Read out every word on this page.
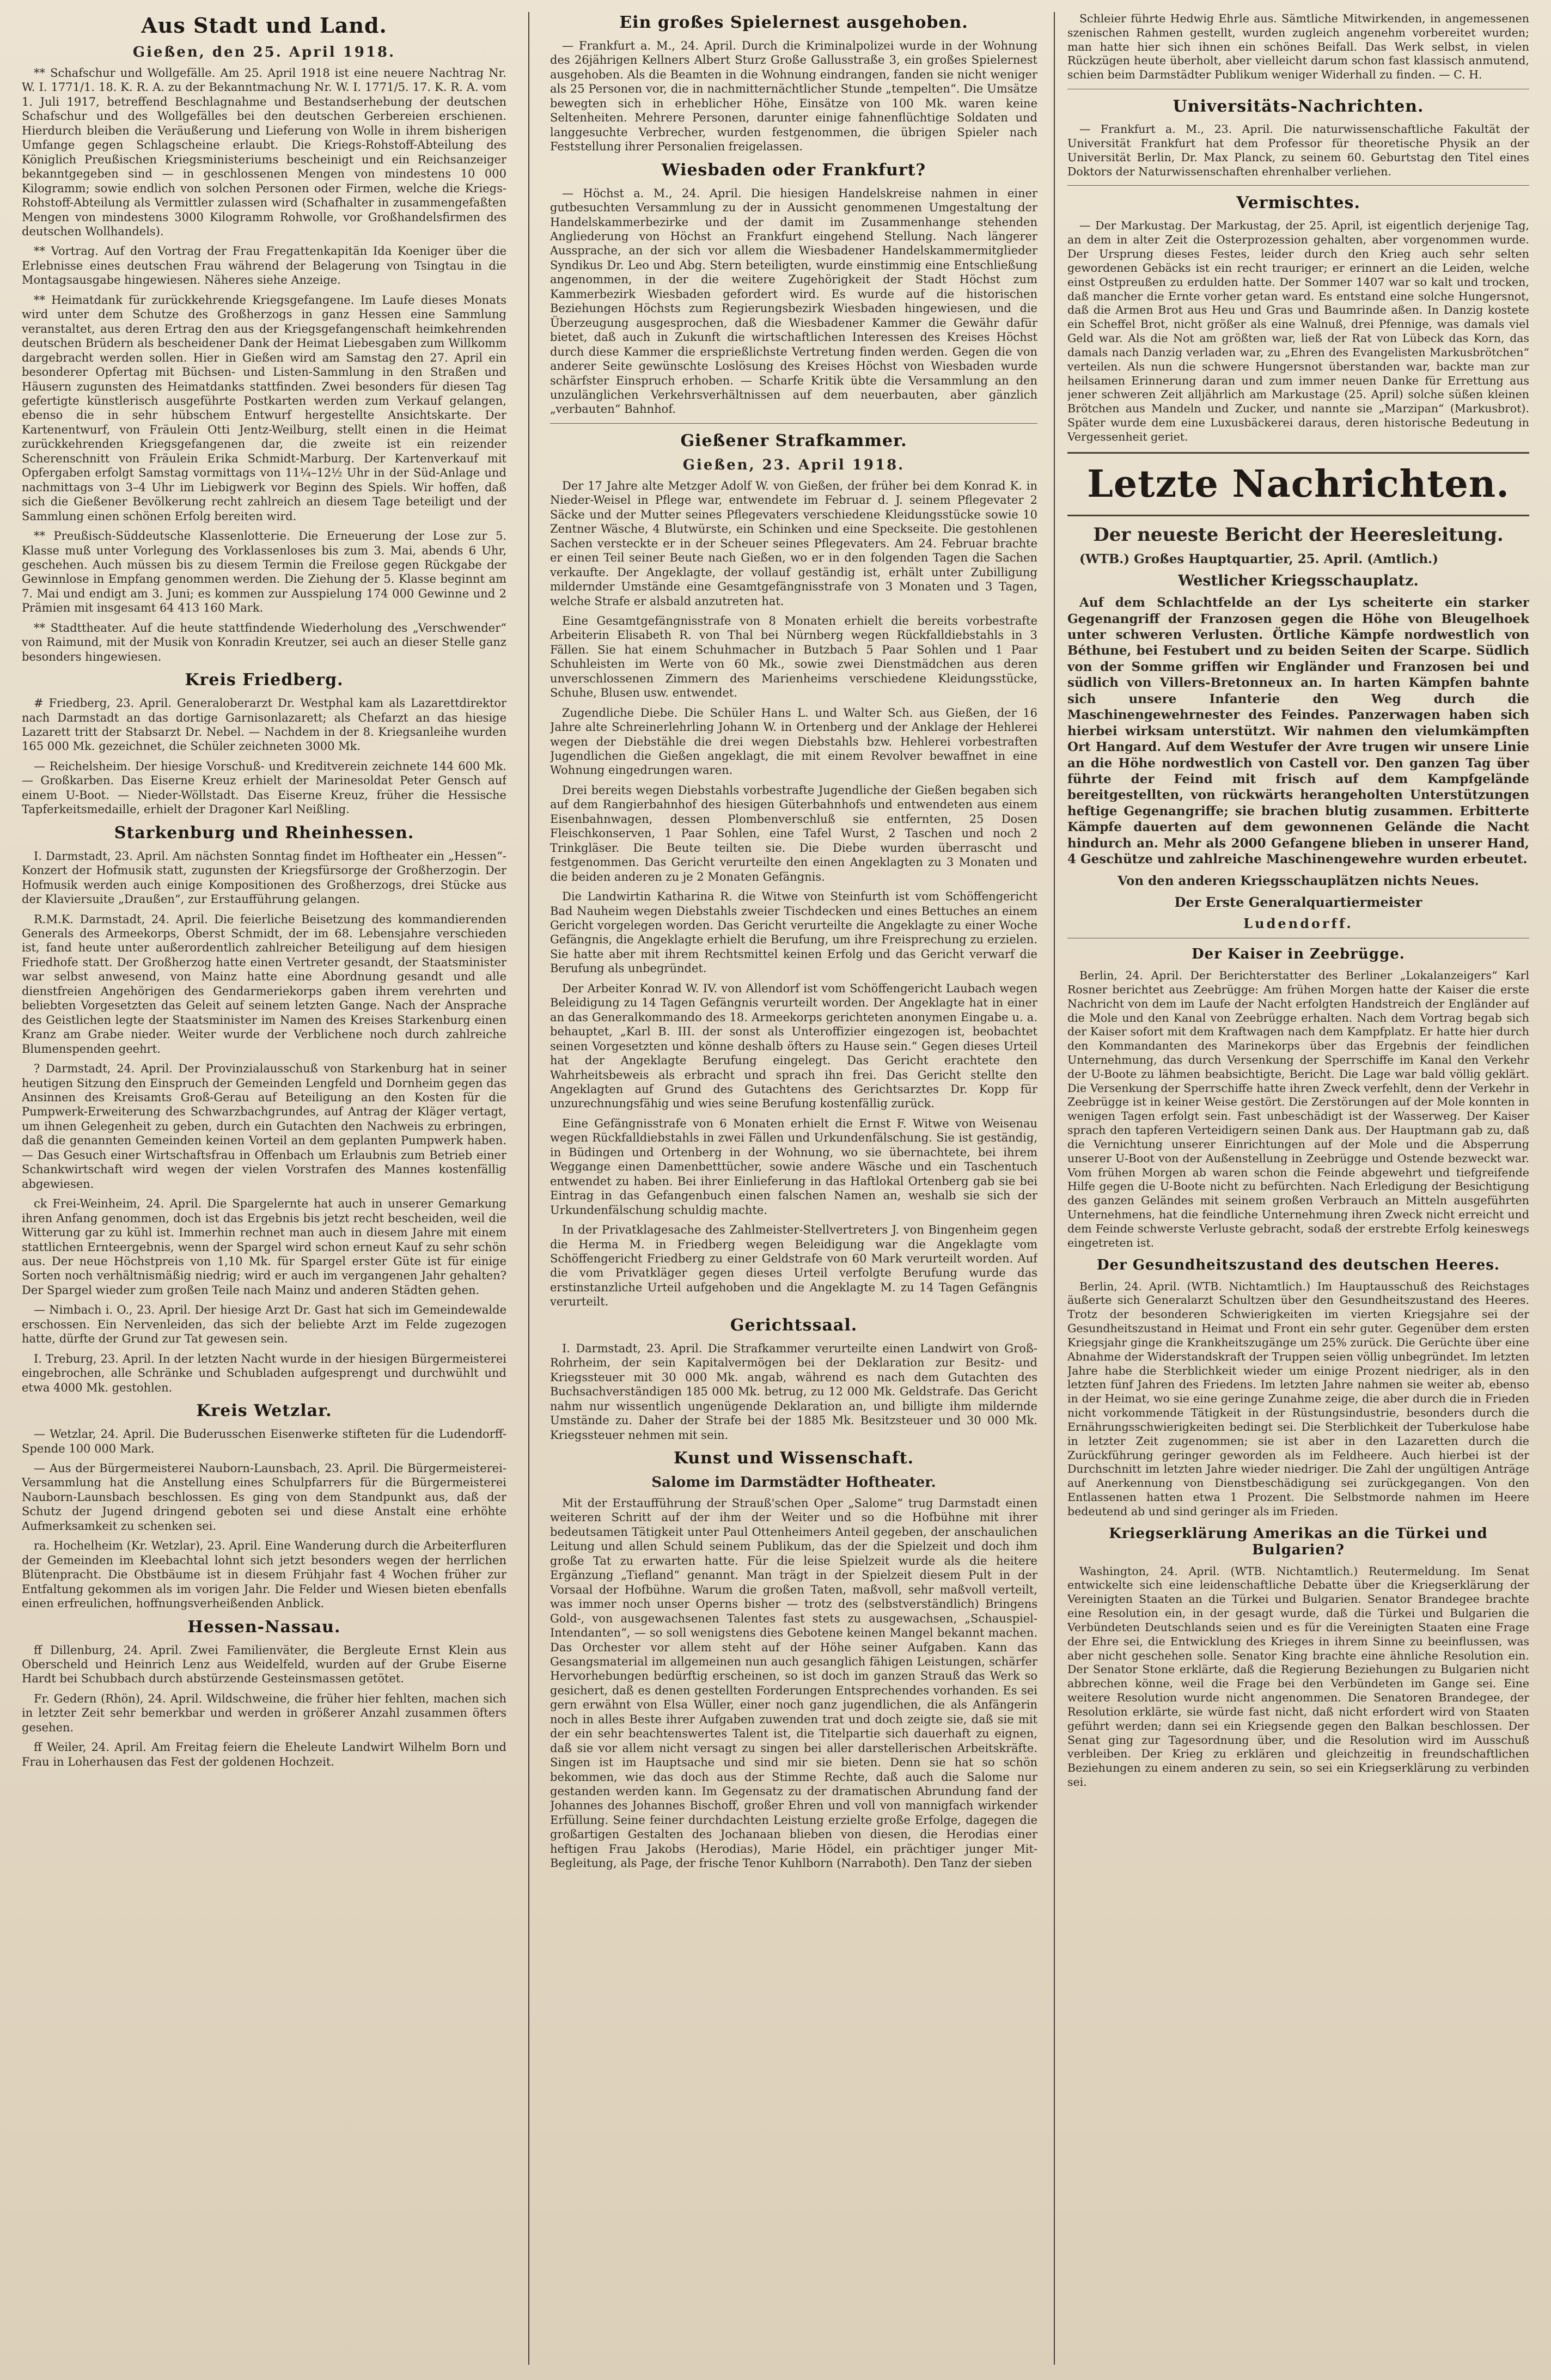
Aus Stadt und Land.

Gießen, den 25. April 1918.

** Schafschur und Wollgefälle. Am 25. April 1918 ist eine neuere Nachtrag Nr. W. I. 1771/1. 18. K. R. A. zu der Bekanntmachung Nr. W. I. 1771/5. 17. K. R. A. vom 1. Juli 1917, betreffend Beschlagnahme und Bestandserhebung der deutschen Schafschur und des Wollgefälles bei den deutschen Gerbereien erschienen. Hierdurch bleiben die Veräußerung und Lieferung von Wolle in ihrem bisherigen Umfange gegen Schlagscheine erlaubt. Die Kriegs-Rohstoff-Abteilung des Königlich Preußischen Kriegsministeriums bescheinigt und ein Reichsanzeiger bekanntgegeben sind — in geschlossenen Mengen von mindestens 10 000 Kilogramm; sowie endlich von solchen Personen oder Firmen, welche die Kriegs-Rohstoff-Abteilung als Vermittler zulassen wird (Schafhalter in zusammengefaßten Mengen von mindestens 3000 Kilogramm Rohwolle, vor Großhandelsfirmen des deutschen Wollhandels).

** Vortrag. Auf den Vortrag der Frau Fregattenkapitän Ida Koeniger über die Erlebnisse eines deutschen Frau während der Belagerung von Tsingtau in die Montagsausgabe hingewiesen. Näheres siehe Anzeige.

** Heimatdank für zurückkehrende Kriegsgefangene. Im Laufe dieses Monats wird unter dem Schutze des Großherzogs in ganz Hessen eine Sammlung veranstaltet, aus deren Ertrag den aus der Kriegsgefangenschaft heimkehrenden deutschen Brüdern als bescheidener Dank der Heimat Liebesgaben zum Willkomm dargebracht werden sollen. Hier in Gießen wird am Samstag den 27. April ein besonderer Opfertag mit Büchsen- und Listen-Sammlung in den Straßen und Häusern zugunsten des Heimatdanks stattfinden. Zwei besonders für diesen Tag gefertigte künstlerisch ausgeführte Postkarten werden zum Verkauf gelangen, ebenso die in sehr hübschem Entwurf hergestellte Ansichtskarte. Der Kartenentwurf, von Fräulein Otti Jentz-Weilburg, stellt einen in die Heimat zurückkehrenden Kriegsgefangenen dar, die zweite ist ein reizender Scherenschnitt von Fräulein Erika Schmidt-Marburg. Der Kartenverkauf mit Opfergaben erfolgt Samstag vormittags von 11¼–12½ Uhr in der Süd-Anlage und nachmittags von 3–4 Uhr im Liebigwerk vor Beginn des Spiels. Wir hoffen, daß sich die Gießener Bevölkerung recht zahlreich an diesem Tage beteiligt und der Sammlung einen schönen Erfolg bereiten wird.

** Preußisch-Süddeutsche Klassenlotterie. Die Erneuerung der Lose zur 5. Klasse muß unter Vorlegung des Vorklassenloses bis zum 3. Mai, abends 6 Uhr, geschehen. Auch müssen bis zu diesem Termin die Freilose gegen Rückgabe der Gewinnlose in Empfang genommen werden. Die Ziehung der 5. Klasse beginnt am 7. Mai und endigt am 3. Juni; es kommen zur Ausspielung 174 000 Gewinne und 2 Prämien mit insgesamt 64 413 160 Mark.

** Stadttheater. Auf die heute stattfindende Wiederholung des „Verschwender“ von Raimund, mit der Musik von Konradin Kreutzer, sei auch an dieser Stelle ganz besonders hingewiesen.

Kreis Friedberg.

# Friedberg, 23. April. Generaloberarzt Dr. Westphal kam als Lazarettdirektor nach Darmstadt an das dortige Garnisonlazarett; als Chefarzt an das hiesige Lazarett tritt der Stabsarzt Dr. Nebel. — Nachdem in der 8. Kriegsanleihe wurden 165 000 Mk. gezeichnet, die Schüler zeichneten 3000 Mk.

— Reichelsheim. Der hiesige Vorschuß- und Kreditverein zeichnete 144 600 Mk. — Großkarben. Das Eiserne Kreuz erhielt der Marinesoldat Peter Gensch auf einem U-Boot. — Nieder-Wöllstadt. Das Eiserne Kreuz, früher die Hessische Tapferkeitsmedaille, erhielt der Dragoner Karl Neißling.

Starkenburg und Rheinhessen.

I. Darmstadt, 23. April. Am nächsten Sonntag findet im Hoftheater ein „Hessen“-Konzert der Hofmusik statt, zugunsten der Kriegsfürsorge der Großherzogin. Der Hofmusik werden auch einige Kompositionen des Großherzogs, drei Stücke aus der Klaviersuite „Draußen“, zur Erstaufführung gelangen.

R.M.K. Darmstadt, 24. April. Die feierliche Beisetzung des kommandierenden Generals des Armeekorps, Oberst Schmidt, der im 68. Lebensjahre verschieden ist, fand heute unter außerordentlich zahlreicher Beteiligung auf dem hiesigen Friedhofe statt. Der Großherzog hatte einen Vertreter gesandt, der Staatsminister war selbst anwesend, von Mainz hatte eine Abordnung gesandt und alle dienstfreien Angehörigen des Gendarmeriekorps gaben ihrem verehrten und beliebten Vorgesetzten das Geleit auf seinem letzten Gange. Nach der Ansprache des Geistlichen legte der Staatsminister im Namen des Kreises Starkenburg einen Kranz am Grabe nieder. Weiter wurde der Verblichene noch durch zahlreiche Blumenspenden geehrt.

? Darmstadt, 24. April. Der Provinzialausschuß von Starkenburg hat in seiner heutigen Sitzung den Einspruch der Gemeinden Lengfeld und Dornheim gegen das Ansinnen des Kreisamts Groß-Gerau auf Beteiligung an den Kosten für die Pumpwerk-Erweiterung des Schwarzbachgrundes, auf Antrag der Kläger vertagt, um ihnen Gelegenheit zu geben, durch ein Gutachten den Nachweis zu erbringen, daß die genannten Gemeinden keinen Vorteil an dem geplanten Pumpwerk haben. — Das Gesuch einer Wirtschaftsfrau in Offenbach um Erlaubnis zum Betrieb einer Schankwirtschaft wird wegen der vielen Vorstrafen des Mannes kostenfällig abgewiesen.

ck Frei-Weinheim, 24. April. Die Spargelernte hat auch in unserer Gemarkung ihren Anfang genommen, doch ist das Ergebnis bis jetzt recht bescheiden, weil die Witterung gar zu kühl ist. Immerhin rechnet man auch in diesem Jahre mit einem stattlichen Ernteergebnis, wenn der Spargel wird schon erneut Kauf zu sehr schön aus. Der neue Höchstpreis von 1,10 Mk. für Spargel erster Güte ist für einige Sorten noch verhältnismäßig niedrig; wird er auch im vergangenen Jahr gehalten? Der Spargel wieder zum großen Teile nach Mainz und anderen Städten gehen.

— Nimbach i. O., 23. April. Der hiesige Arzt Dr. Gast hat sich im Gemeindewalde erschossen. Ein Nervenleiden, das sich der beliebte Arzt im Felde zugezogen hatte, dürfte der Grund zur Tat gewesen sein.

I. Treburg, 23. April. In der letzten Nacht wurde in der hiesigen Bürgermeisterei eingebrochen, alle Schränke und Schubladen aufgesprengt und durchwühlt und etwa 4000 Mk. gestohlen.

Kreis Wetzlar.

— Wetzlar, 24. April. Die Buderusschen Eisenwerke stifteten für die Ludendorff-Spende 100 000 Mark.

— Aus der Bürgermeisterei Nauborn-Launsbach, 23. April. Die Bürgermeisterei-Versammlung hat die Anstellung eines Schulpfarrers für die Bürgermeisterei Nauborn-Launsbach beschlossen. Es ging von dem Standpunkt aus, daß der Schutz der Jugend dringend geboten sei und diese Anstalt eine erhöhte Aufmerksamkeit zu schenken sei.

ra. Hochelheim (Kr. Wetzlar), 23. April. Eine Wanderung durch die Arbeiterfluren der Gemeinden im Kleebachtal lohnt sich jetzt besonders wegen der herrlichen Blütenpracht. Die Obstbäume ist in diesem Frühjahr fast 4 Wochen früher zur Entfaltung gekommen als im vorigen Jahr. Die Felder und Wiesen bieten ebenfalls einen erfreulichen, hoffnungsverheißenden Anblick.

Hessen-Nassau.

ff Dillenburg, 24. April. Zwei Familienväter, die Bergleute Ernst Klein aus Oberscheld und Heinrich Lenz aus Weidelfeld, wurden auf der Grube Eiserne Hardt bei Schubbach durch abstürzende Gesteinsmassen getötet.

Fr. Gedern (Rhön), 24. April. Wildschweine, die früher hier fehlten, machen sich in letzter Zeit sehr bemerkbar und werden in größerer Anzahl zusammen öfters gesehen.

ff Weiler, 24. April. Am Freitag feiern die Eheleute Landwirt Wilhelm Born und Frau in Loherhausen das Fest der goldenen Hochzeit.

Ein großes Spielernest ausgehoben.

— Frankfurt a. M., 24. April. Durch die Kriminalpolizei wurde in der Wohnung des 26jährigen Kellners Albert Sturz Große Gallusstraße 3, ein großes Spielernest ausgehoben. Als die Beamten in die Wohnung eindrangen, fanden sie nicht weniger als 25 Personen vor, die in nachmitternächtlicher Stunde „tempelten“. Die Umsätze bewegten sich in erheblicher Höhe, Einsätze von 100 Mk. waren keine Seltenheiten. Mehrere Personen, darunter einige fahnenflüchtige Soldaten und langgesuchte Verbrecher, wurden festgenommen, die übrigen Spieler nach Feststellung ihrer Personalien freigelassen.

Wiesbaden oder Frankfurt?

— Höchst a. M., 24. April. Die hiesigen Handelskreise nahmen in einer gutbesuchten Versammlung zu der in Aussicht genommenen Umgestaltung der Handelskammerbezirke und der damit im Zusammenhange stehenden Angliederung von Höchst an Frankfurt eingehend Stellung. Nach längerer Aussprache, an der sich vor allem die Wiesbadener Handelskammermitglieder Syndikus Dr. Leo und Abg. Stern beteiligten, wurde einstimmig eine Entschließung angenommen, in der die weitere Zugehörigkeit der Stadt Höchst zum Kammerbezirk Wiesbaden gefordert wird. Es wurde auf die historischen Beziehungen Höchsts zum Regierungsbezirk Wiesbaden hingewiesen, und die Überzeugung ausgesprochen, daß die Wiesbadener Kammer die Gewähr dafür bietet, daß auch in Zukunft die wirtschaftlichen Interessen des Kreises Höchst durch diese Kammer die ersprießlichste Vertretung finden werden. Gegen die von anderer Seite gewünschte Loslösung des Kreises Höchst von Wiesbaden wurde schärfster Einspruch erhoben. — Scharfe Kritik übte die Versammlung an den unzulänglichen Verkehrsverhältnissen auf dem neuerbauten, aber gänzlich „verbauten“ Bahnhof.

Gießener Strafkammer.

Gießen, 23. April 1918.

Der 17 Jahre alte Metzger Adolf W. von Gießen, der früher bei dem Konrad K. in Nieder-Weisel in Pflege war, entwendete im Februar d. J. seinem Pflegevater 2 Säcke und der Mutter seines Pflegevaters verschiedene Kleidungsstücke sowie 10 Zentner Wäsche, 4 Blutwürste, ein Schinken und eine Speckseite. Die gestohlenen Sachen versteckte er in der Scheuer seines Pflegevaters. Am 24. Februar brachte er einen Teil seiner Beute nach Gießen, wo er in den folgenden Tagen die Sachen verkaufte. Der Angeklagte, der vollauf geständig ist, erhält unter Zubilligung mildernder Umstände eine Gesamtgefängnisstrafe von 3 Monaten und 3 Tagen, welche Strafe er alsbald anzutreten hat.

Eine Gesamtgefängnisstrafe von 8 Monaten erhielt die bereits vorbestrafte Arbeiterin Elisabeth R. von Thal bei Nürnberg wegen Rückfalldiebstahls in 3 Fällen. Sie hat einem Schuhmacher in Butzbach 5 Paar Sohlen und 1 Paar Schuhleisten im Werte von 60 Mk., sowie zwei Dienstmädchen aus deren unverschlossenen Zimmern des Marienheims verschiedene Kleidungsstücke, Schuhe, Blusen usw. entwendet.

Zugendliche Diebe. Die Schüler Hans L. und Walter Sch. aus Gießen, der 16 Jahre alte Schreinerlehrling Johann W. in Ortenberg und der Anklage der Hehlerei wegen der Diebstähle die drei wegen Diebstahls bzw. Hehlerei vorbestraften Jugendlichen die Gießen angeklagt, die mit einem Revolver bewaffnet in eine Wohnung eingedrungen waren.

Drei bereits wegen Diebstahls vorbestrafte Jugendliche der Gießen begaben sich auf dem Rangierbahnhof des hiesigen Güterbahnhofs und entwendeten aus einem Eisenbahnwagen, dessen Plombenverschluß sie entfernten, 25 Dosen Fleischkonserven, 1 Paar Sohlen, eine Tafel Wurst, 2 Taschen und noch 2 Trinkgläser. Die Beute teilten sie. Die Diebe wurden überrascht und festgenommen. Das Gericht verurteilte den einen Angeklagten zu 3 Monaten und die beiden anderen zu je 2 Monaten Gefängnis.

Die Landwirtin Katharina R. die Witwe von Steinfurth ist vom Schöffengericht Bad Nauheim wegen Diebstahls zweier Tischdecken und eines Bettuches an einem Gericht vorgelegen worden. Das Gericht verurteilte die Angeklagte zu einer Woche Gefängnis, die Angeklagte erhielt die Berufung, um ihre Freisprechung zu erzielen. Sie hatte aber mit ihrem Rechtsmittel keinen Erfolg und das Gericht verwarf die Berufung als unbegründet.

Der Arbeiter Konrad W. IV. von Allendorf ist vom Schöffengericht Laubach wegen Beleidigung zu 14 Tagen Gefängnis verurteilt worden. Der Angeklagte hat in einer an das Generalkommando des 18. Armeekorps gerichteten anonymen Eingabe u. a. behauptet, „Karl B. III. der sonst als Unteroffizier eingezogen ist, beobachtet seinen Vorgesetzten und könne deshalb öfters zu Hause sein.“ Gegen dieses Urteil hat der Angeklagte Berufung eingelegt. Das Gericht erachtete den Wahrheitsbeweis als erbracht und sprach ihn frei. Das Gericht stellte den Angeklagten auf Grund des Gutachtens des Gerichtsarztes Dr. Kopp für unzurechnungsfähig und wies seine Berufung kostenfällig zurück.

Eine Gefängnisstrafe von 6 Monaten erhielt die Ernst F. Witwe von Weisenau wegen Rückfalldiebstahls in zwei Fällen und Urkundenfälschung. Sie ist geständig, in Büdingen und Ortenberg in der Wohnung, wo sie übernachtete, bei ihrem Weggange einen Damenbetttücher, sowie andere Wäsche und ein Taschentuch entwendet zu haben. Bei ihrer Einlieferung in das Haftlokal Ortenberg gab sie bei Eintrag in das Gefangenbuch einen falschen Namen an, weshalb sie sich der Urkundenfälschung schuldig machte.

In der Privatklagesache des Zahlmeister-Stellvertreters J. von Bingenheim gegen die Herma M. in Friedberg wegen Beleidigung war die Angeklagte vom Schöffengericht Friedberg zu einer Geldstrafe von 60 Mark verurteilt worden. Auf die vom Privatkläger gegen dieses Urteil verfolgte Berufung wurde das erstinstanzliche Urteil aufgehoben und die Angeklagte M. zu 14 Tagen Gefängnis verurteilt.

Gerichtssaal.

I. Darmstadt, 23. April. Die Strafkammer verurteilte einen Landwirt von Groß-Rohrheim, der sein Kapitalvermögen bei der Deklaration zur Besitz- und Kriegssteuer mit 30 000 Mk. angab, während es nach dem Gutachten des Buchsachverständigen 185 000 Mk. betrug, zu 12 000 Mk. Geldstrafe. Das Gericht nahm nur wissentlich ungenügende Deklaration an, und billigte ihm mildernde Umstände zu. Daher der Strafe bei der 1885 Mk. Besitzsteuer und 30 000 Mk. Kriegssteuer nehmen mit sein.

Kunst und Wissenschaft.

Salome im Darmstädter Hoftheater.

Mit der Erstaufführung der Strauß'schen Oper „Salome“ trug Darmstadt einen weiteren Schritt auf der ihm der Weiter und so die Hofbühne mit ihrer bedeutsamen Tätigkeit unter Paul Ottenheimers Anteil gegeben, der anschaulichen Leitung und allen Schuld seinem Publikum, das der die Spielzeit und doch ihm große Tat zu erwarten hatte. Für die leise Spielzeit wurde als die heitere Ergänzung „Tiefland“ genannt. Man trägt in der Spielzeit diesem Pult in der Vorsaal der Hofbühne. Warum die großen Taten, maßvoll, sehr maßvoll verteilt, was immer noch unser Operns bisher — trotz des (selbstverständlich) Bringens Gold-, von ausgewachsenen Talentes fast stets zu ausgewachsen, „Schauspiel-Intendanten“, — so soll wenigstens dies Gebotene keinen Mangel bekannt machen. Das Orchester vor allem steht auf der Höhe seiner Aufgaben. Kann das Gesangsmaterial im allgemeinen nun auch gesanglich fähigen Leistungen, schärfer Hervorhebungen bedürftig erscheinen, so ist doch im ganzen Strauß das Werk so gesichert, daß es denen gestellten Forderungen Entsprechendes vorhanden. Es sei gern erwähnt von Elsa Wüller, einer noch ganz jugendlichen, die als Anfängerin noch in alles Beste ihrer Aufgaben zuwenden trat und doch zeigte sie, daß sie mit der ein sehr beachtenswertes Talent ist, die Titelpartie sich dauerhaft zu eignen, daß sie vor allem nicht versagt zu singen bei aller darstellerischen Arbeitskräfte. Singen ist im Hauptsache und sind mir sie bieten. Denn sie hat so schön bekommen, wie das doch aus der Stimme Rechte, daß auch die Salome nur gestanden werden kann. Im Gegensatz zu der dramatischen Abrundung fand der Johannes des Johannes Bischoff, großer Ehren und voll von mannigfach wirkender Erfüllung. Seine feiner durchdachten Leistung erzielte große Erfolge, dagegen die großartigen Gestalten des Jochanaan blieben von diesen, die Herodias einer heftigen Frau Jakobs (Herodias), Marie Hödel, ein prächtiger junger Mit-Begleitung, als Page, der frische Tenor Kuhlborn (Narraboth). Den Tanz der sieben

Schleier führte Hedwig Ehrle aus. Sämtliche Mitwirkenden, in angemessenen szenischen Rahmen gestellt, wurden zugleich angenehm vorbereitet wurden; man hatte hier sich ihnen ein schönes Beifall. Das Werk selbst, in vielen Rückzügen heute überholt, aber vielleicht darum schon fast klassisch anmutend, schien beim Darmstädter Publikum weniger Widerhall zu finden. — C. H.

Universitäts-Nachrichten.

— Frankfurt a. M., 23. April. Die naturwissenschaftliche Fakultät der Universität Frankfurt hat dem Professor für theoretische Physik an der Universität Berlin, Dr. Max Planck, zu seinem 60. Geburtstag den Titel eines Doktors der Naturwissenschaften ehrenhalber verliehen.

Vermischtes.

— Der Markustag. Der Markustag, der 25. April, ist eigentlich derjenige Tag, an dem in alter Zeit die Osterprozession gehalten, aber vorgenommen wurde. Der Ursprung dieses Festes, leider durch den Krieg auch sehr selten gewordenen Gebäcks ist ein recht trauriger; er erinnert an die Leiden, welche einst Ostpreußen zu erdulden hatte. Der Sommer 1407 war so kalt und trocken, daß mancher die Ernte vorher getan ward. Es entstand eine solche Hungersnot, daß die Armen Brot aus Heu und Gras und Baumrinde aßen. In Danzig kostete ein Scheffel Brot, nicht größer als eine Walnuß, drei Pfennige, was damals viel Geld war. Als die Not am größten war, ließ der Rat von Lübeck das Korn, das damals nach Danzig verladen war, zu „Ehren des Evangelisten Markusbrötchen“ verteilen. Als nun die schwere Hungersnot überstanden war, backte man zur heilsamen Erinnerung daran und zum immer neuen Danke für Errettung aus jener schweren Zeit alljährlich am Markustage (25. April) solche süßen kleinen Brötchen aus Mandeln und Zucker, und nannte sie „Marzipan“ (Markusbrot). Später wurde dem eine Luxusbäckerei daraus, deren historische Bedeutung in Vergessenheit geriet.

Letzte Nachrichten.

Der neueste Bericht der Heeresleitung.

(WTB.) Großes Hauptquartier, 25. April. (Amtlich.)

Westlicher Kriegsschauplatz.

Auf dem Schlachtfelde an der Lys scheiterte ein starker Gegenangriff der Franzosen gegen die Höhe von Bleugelhoek unter schweren Verlusten. Örtliche Kämpfe nordwestlich von Béthune, bei Festubert und zu beiden Seiten der Scarpe. Südlich von der Somme griffen wir Engländer und Franzosen bei und südlich von Villers-Bretonneux an. In harten Kämpfen bahnte sich unsere Infanterie den Weg durch die Maschinengewehrnester des Feindes. Panzerwagen haben sich hierbei wirksam unterstützt. Wir nahmen den vielumkämpften Ort Hangard. Auf dem Westufer der Avre trugen wir unsere Linie an die Höhe nordwestlich von Castell vor. Den ganzen Tag über führte der Feind mit frisch auf dem Kampfgelände bereitgestellten, von rückwärts herangeholten Unterstützungen heftige Gegenangriffe; sie brachen blutig zusammen. Erbitterte Kämpfe dauerten auf dem gewonnenen Gelände die Nacht hindurch an. Mehr als 2000 Gefangene blieben in unserer Hand, 4 Geschütze und zahlreiche Maschinengewehre wurden erbeutet.

Von den anderen Kriegsschauplätzen nichts Neues.

Der Erste Generalquartiermeister

Ludendorff.

Der Kaiser in Zeebrügge.

Berlin, 24. April. Der Berichterstatter des Berliner „Lokalanzeigers“ Karl Rosner berichtet aus Zeebrügge: Am frühen Morgen hatte der Kaiser die erste Nachricht von dem im Laufe der Nacht erfolgten Handstreich der Engländer auf die Mole und den Kanal von Zeebrügge erhalten. Nach dem Vortrag begab sich der Kaiser sofort mit dem Kraftwagen nach dem Kampfplatz. Er hatte hier durch den Kommandanten des Marinekorps über das Ergebnis der feindlichen Unternehmung, das durch Versenkung der Sperrschiffe im Kanal den Verkehr der U-Boote zu lähmen beabsichtigte, Bericht. Die Lage war bald völlig geklärt. Die Versenkung der Sperrschiffe hatte ihren Zweck verfehlt, denn der Verkehr in Zeebrügge ist in keiner Weise gestört. Die Zerstörungen auf der Mole konnten in wenigen Tagen erfolgt sein. Fast unbeschädigt ist der Wasserweg. Der Kaiser sprach den tapferen Verteidigern seinen Dank aus. Der Hauptmann gab zu, daß die Vernichtung unserer Einrichtungen auf der Mole und die Absperrung unserer U-Boot von der Außenstellung in Zeebrügge und Ostende bezweckt war. Vom frühen Morgen ab waren schon die Feinde abgewehrt und tiefgreifende Hilfe gegen die U-Boote nicht zu befürchten. Nach Erledigung der Besichtigung des ganzen Geländes mit seinem großen Verbrauch an Mitteln ausgeführten Unternehmens, hat die feindliche Unternehmung ihren Zweck nicht erreicht und dem Feinde schwerste Verluste gebracht, sodaß der erstrebte Erfolg keineswegs eingetreten ist.

Der Gesundheitszustand des deutschen Heeres.

Berlin, 24. April. (WTB. Nichtamtlich.) Im Hauptausschuß des Reichstages äußerte sich Generalarzt Schultzen über den Gesundheitszustand des Heeres. Trotz der besonderen Schwierigkeiten im vierten Kriegsjahre sei der Gesundheitszustand in Heimat und Front ein sehr guter. Gegenüber dem ersten Kriegsjahr ginge die Krankheitszugänge um 25% zurück. Die Gerüchte über eine Abnahme der Widerstandskraft der Truppen seien völlig unbegründet. Im letzten Jahre habe die Sterblichkeit wieder um einige Prozent niedriger, als in den letzten fünf Jahren des Friedens. Im letzten Jahre nahmen sie weiter ab, ebenso in der Heimat, wo sie eine geringe Zunahme zeige, die aber durch die in Frieden nicht vorkommende Tätigkeit in der Rüstungsindustrie, besonders durch die Ernährungsschwierigkeiten bedingt sei. Die Sterblichkeit der Tuberkulose habe in letzter Zeit zugenommen; sie ist aber in den Lazaretten durch die Zurückführung geringer geworden als im Feldheere. Auch hierbei ist der Durchschnitt im letzten Jahre wieder niedriger. Die Zahl der ungültigen Anträge auf Anerkennung von Dienstbeschädigung sei zurückgegangen. Von den Entlassenen hatten etwa 1 Prozent. Die Selbstmorde nahmen im Heere bedeutend ab und sind geringer als im Frieden.

Kriegserklärung Amerikas an die Türkei und Bulgarien?

Washington, 24. April. (WTB. Nichtamtlich.) Reutermeldung. Im Senat entwickelte sich eine leidenschaftliche Debatte über die Kriegserklärung der Vereinigten Staaten an die Türkei und Bulgarien. Senator Brandegee brachte eine Resolution ein, in der gesagt wurde, daß die Türkei und Bulgarien die Verbündeten Deutschlands seien und es für die Vereinigten Staaten eine Frage der Ehre sei, die Entwicklung des Krieges in ihrem Sinne zu beeinflussen, was aber nicht geschehen solle. Senator King brachte eine ähnliche Resolution ein. Der Senator Stone erklärte, daß die Regierung Beziehungen zu Bulgarien nicht abbrechen könne, weil die Frage bei den Verbündeten im Gange sei. Eine weitere Resolution wurde nicht angenommen. Die Senatoren Brandegee, der Resolution erklärte, sie würde fast nicht, daß nicht erfordert wird von Staaten geführt werden; dann sei ein Kriegsende gegen den Balkan beschlossen. Der Senat ging zur Tagesordnung über, und die Resolution wird im Ausschuß verbleiben. Der Krieg zu erklären und gleichzeitig in freundschaftlichen Beziehungen zu einem anderen zu sein, so sei ein Kriegserklärung zu verbinden sei.
